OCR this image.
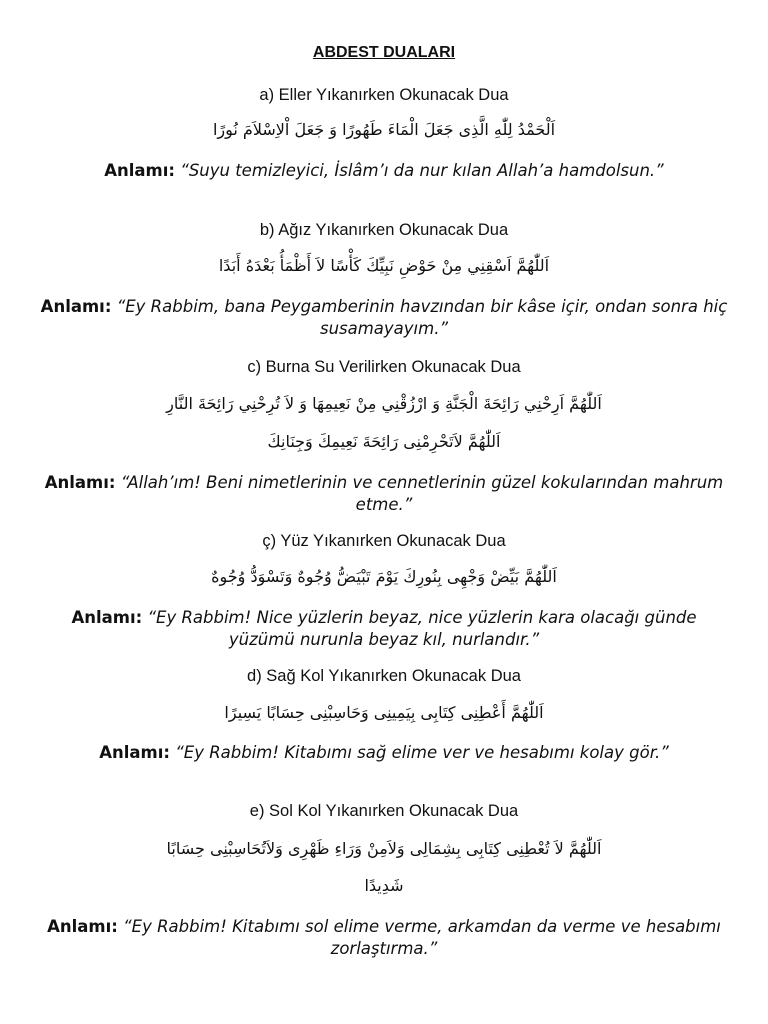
ABDEST DUALARI
a) Eller Yıkanırken Okunacak Dua
اَلْحَمْدُ لِلّٰهِ الَّذِى جَعَلَ الْمَاءَ طَهُورًا وَ جَعَلَ اْلاِسْلاَمَ نُورًا
Anlamı: “Suyu temizleyici, İslâm’ı da nur kılan Allah’a hamdolsun.”
b) Ağız Yıkanırken Okunacak Dua
اَللّٰهُمَّ اَسْقِنِي مِنْ حَوْضِ نَبِيِّكَ كَأْسًا لاَ أَظْمَأُ بَعْدَهُ أَبَدًا
Anlamı: “Ey Rabbim, bana Peygamberinin havzından bir kâse içir, ondan sonra hiç susamayayım.”
c) Burna Su Verilirken Okunacak Dua
اَللّٰهُمَّ اَرِحْنِي رَائِحَةَ الْجَنَّةِ وَ ارْزُقْنِي مِنْ نَعِيمِهَا وَ لاَ تُرِحْنِي رَائِحَةَ النَّارِ
اَللّٰهُمَّ لاَتَحْرِمْنِى رَائِحَةَ نَعِيمِكَ وَجِنَانِكَ
Anlamı: “Allah’ım! Beni nimetlerinin ve cennetlerinin güzel kokularından mahrum etme.”
ç) Yüz Yıkanırken Okunacak Dua
اَللّٰهُمَّ بَيِّضْ وَجْهِى بِنُورِكَ يَوْمَ تَبْيَضُّ وُجُوهٌ وَتَسْوَدُّ وُجُوهٌ
Anlamı: “Ey Rabbim! Nice yüzlerin beyaz, nice yüzlerin kara olacağı günde yüzümü nurunla beyaz kıl, nurlandır.”
d) Sağ Kol Yıkanırken Okunacak Dua
اَللّٰهُمَّ أَعْطِنِى كِتَابِى بِيَمِينِى وَحَاسِبْنِى حِسَابًا يَسِيرًا
Anlamı: “Ey Rabbim! Kitabımı sağ elime ver ve hesabımı kolay gör.”
e) Sol Kol Yıkanırken Okunacak Dua
اَللّٰهُمَّ لاَ تُعْطِنِى كِتَابِى بِشِمَالِى وَلاَمِنْ وَرَاءِ ظَهْرِى وَلاَتُحَاسِبْنِى حِسَابًا
شَدِيدًا
Anlamı: “Ey Rabbim! Kitabımı sol elime verme, arkamdan da verme ve hesabımı zorlaştırma.”
